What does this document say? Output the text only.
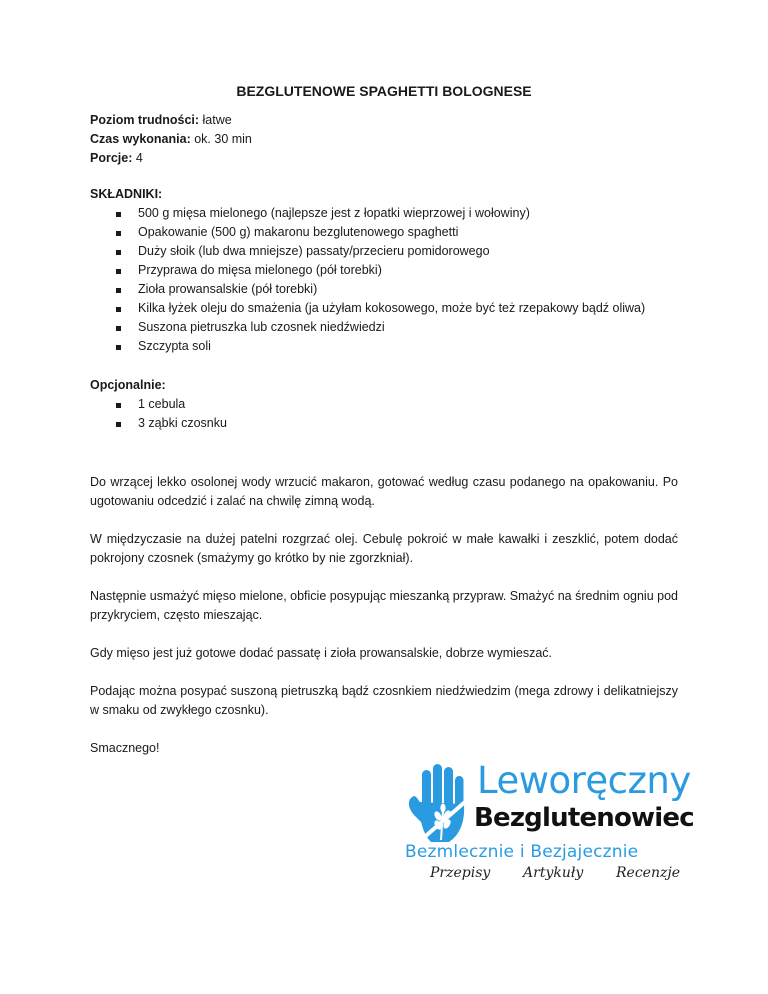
BEZGLUTENOWE SPAGHETTI BOLOGNESE

Poziom trudności: łatwe

Czas wykonania: ok. 30 min

Porcje: 4

SKŁADNIKI:

500 g mięsa mielonego (najlepsze jest z łopatki wieprzowej i wołowiny)
Opakowanie (500 g) makaronu bezglutenowego spaghetti
Duży słoik (lub dwa mniejsze) passaty/przecieru pomidorowego
Przyprawa do mięsa mielonego (pół torebki)
Zioła prowansalskie (pół torebki)
Kilka łyżek oleju do smażenia (ja użyłam kokosowego, może być też rzepakowy bądź oliwa)
Suszona pietruszka lub czosnek niedźwiedzi
Szczypta soli

Opcjonalnie:

1 cebula
3 ząbki czosnku

Do wrzącej lekko osolonej wody wrzucić makaron, gotować według czasu podanego na opakowaniu. Po ugotowaniu odcedzić i zalać na chwilę zimną wodą.

W międzyczasie na dużej patelni rozgrzać olej. Cebulę pokroić w małe kawałki i zeszklić, potem dodać pokrojony czosnek (smażymy go krótko by nie zgorzkniał).

Następnie usmażyć mięso mielone, obficie posypując mieszanką przypraw. Smażyć na średnim ogniu pod przykryciem, często mieszając.

Gdy mięso jest już gotowe dodać passatę i zioła prowansalskie, dobrze wymieszać.

Podając można posypać suszoną pietruszką bądź czosnkiem niedźwiedzim (mega zdrowy i delikatniejszy w smaku od zwykłego czosnku).

Smacznego!

Leworęczny
Bezglutenowiec
Bezmlecznie i Bezjajecznie
Przepisy Artykuły Recenzje
